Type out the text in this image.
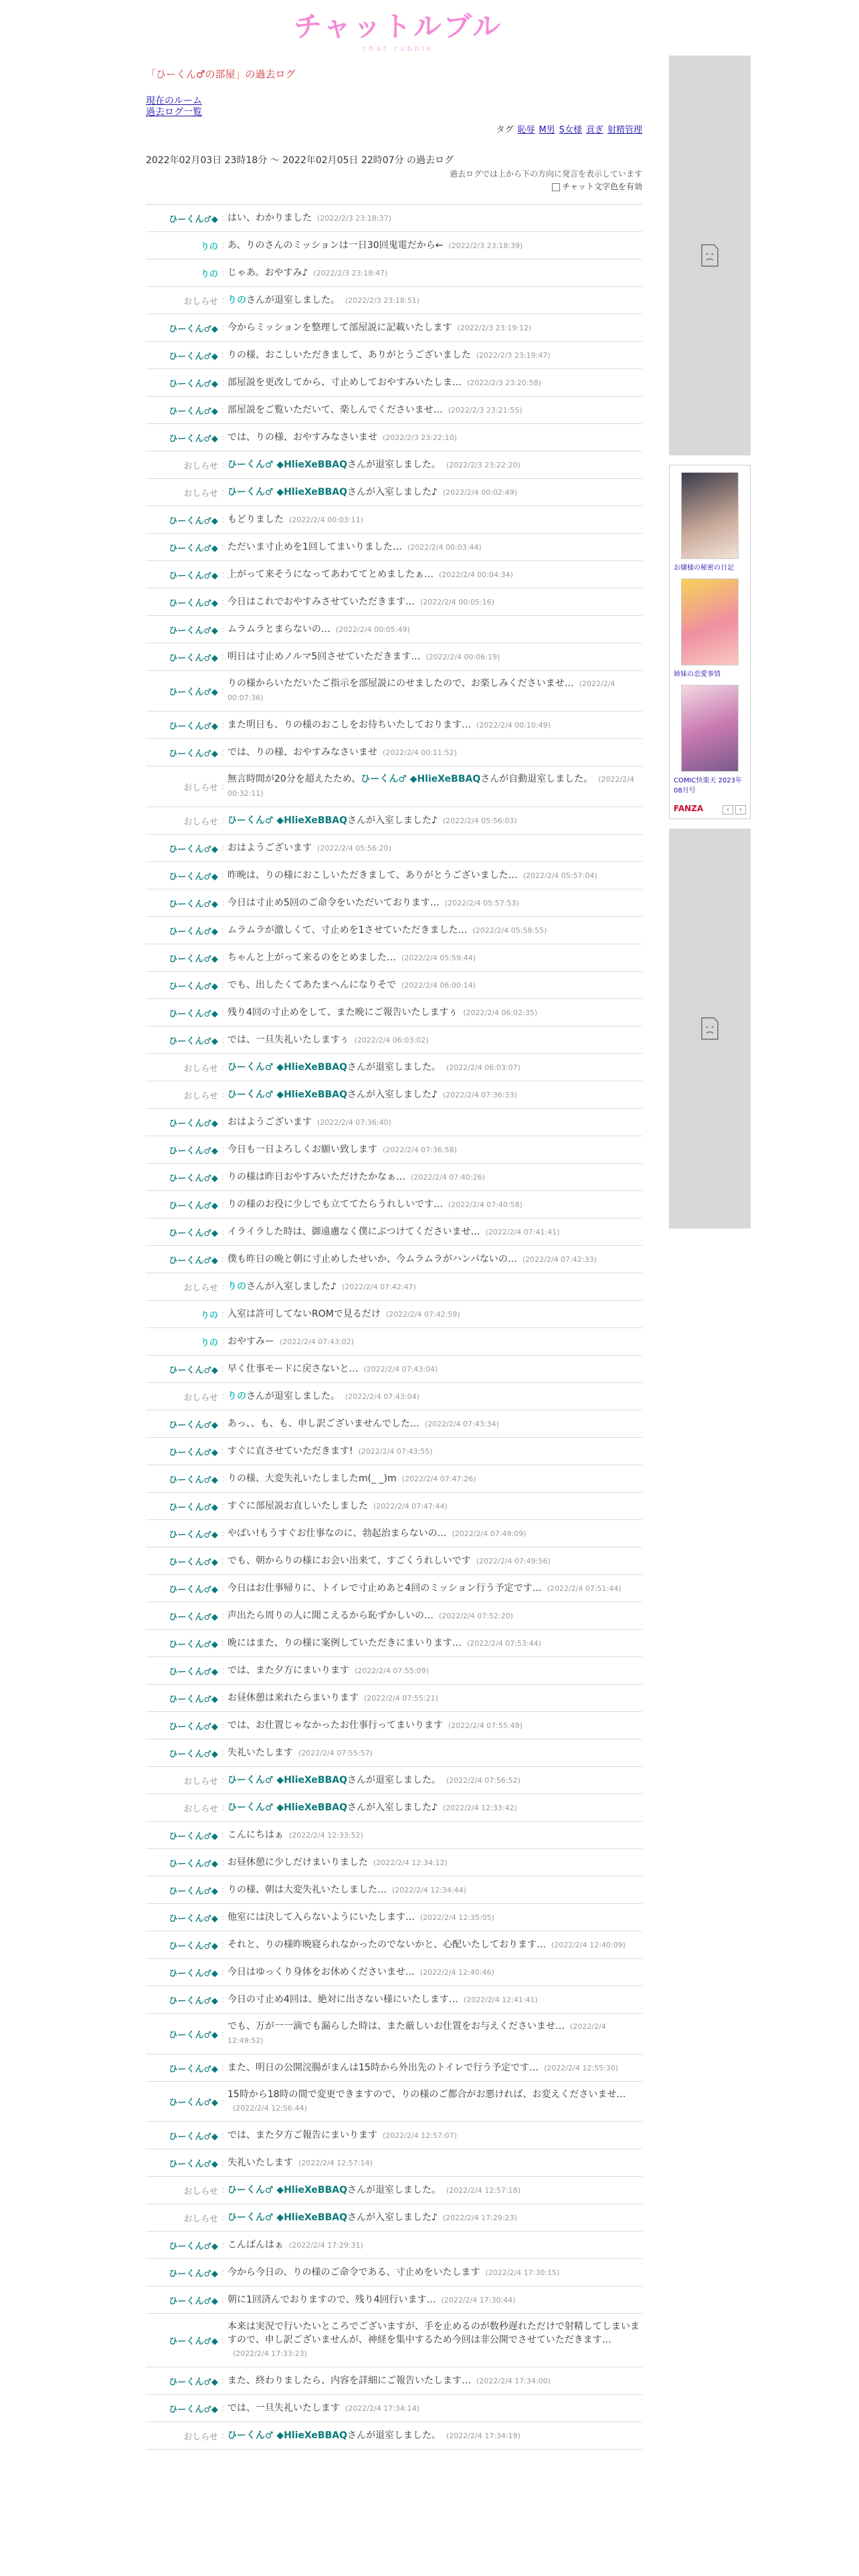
チャットルブル
chat rubble
「ひーくん♂の部屋」の過去ログ
現在のルーム
過去ログ一覧
タグ 恥辱 M男 S女様 貢ぎ 射精管理
2022年02月03日 23時18分 〜 2022年02月05日 22時07分 の過去ログ
過去ログでは上から下の方向に発言を表示しています
チャット文字色を有効
ひーくん♂◆ : はい、わかりました (2022/2/3 23:18:37)
りの : あ、りのさんのミッションは一日30回鬼電だから← (2022/2/3 23:18:39)
りの : じゃあ。おやすみ♪ (2022/2/3 23:18:47)
おしらせ : りのさんが退室しました。 (2022/2/3 23:18:51)
ひーくん♂◆ : 今からミッションを整理して部屋説に記載いたします (2022/2/3 23:19:12)
ひーくん♂◆ : りの様、おこしいただきまして、ありがとうございました (2022/2/3 23:19:47)
ひーくん♂◆ : 部屋説を更改してから、寸止めしておやすみいたしま… (2022/2/3 23:20:58)
ひーくん♂◆ : 部屋説をご覧いただいて、楽しんでくださいませ… (2022/2/3 23:21:55)
ひーくん♂◆ : では、りの様、おやすみなさいませ (2022/2/3 23:22:10)
おしらせ : ひーくん♂ ◆HlieXeBBAQさんが退室しました。 (2022/2/3 23:22:20)
おしらせ : ひーくん♂ ◆HlieXeBBAQさんが入室しました♪ (2022/2/4 00:02:49)
ひーくん♂◆ : もどりました (2022/2/4 00:03:11)
ひーくん♂◆ : ただいま寸止めを1回してまいりました… (2022/2/4 00:03:44)
ひーくん♂◆ : 上がって来そうになってあわててとめましたぁ… (2022/2/4 00:04:34)
ひーくん♂◆ : 今日はこれでおやすみさせていただきます… (2022/2/4 00:05:16)
ひーくん♂◆ : ムラムラとまらないの… (2022/2/4 00:05:49)
ひーくん♂◆ : 明日は寸止めノルマ5回させていただきます… (2022/2/4 00:06:19)
ひーくん♂◆ :
りの様からいただいたご指示を部屋説にのせましたので、お楽しみくださいませ… (2022/2/4 00:07:36)
ひーくん♂◆ : また明日も、りの様のおこしをお待ちいたしております… (2022/2/4 00:10:49)
ひーくん♂◆ : では、りの様、おやすみなさいませ (2022/2/4 00:11:52)
おしらせ :
無言時間が20分を超えたため、ひーくん♂ ◆HlieXeBBAQさんが自動退室しました。 (2022/2/4 00:32:11)
おしらせ : ひーくん♂ ◆HlieXeBBAQさんが入室しました♪ (2022/2/4 05:56:03)
ひーくん♂◆ : おはようございます (2022/2/4 05:56:20)
ひーくん♂◆ : 昨晩は、りの様におこしいただきまして、ありがとうございました… (2022/2/4 05:57:04)
ひーくん♂◆ : 今日は寸止め5回のご命令をいただいております… (2022/2/4 05:57:53)
ひーくん♂◆ : ムラムラが激しくて、寸止めを1させていただきました… (2022/2/4 05:58:55)
ひーくん♂◆ : ちゃんと上がって来るのをとめました… (2022/2/4 05:59:44)
ひーくん♂◆ : でも、出したくてあたまへんになりそで (2022/2/4 06:00:14)
ひーくん♂◆ : 残り4回の寸止めをして、また晩にご報告いたしますぅ (2022/2/4 06:02:35)
ひーくん♂◆ : では、一旦失礼いたしますぅ (2022/2/4 06:03:02)
おしらせ : ひーくん♂ ◆HlieXeBBAQさんが退室しました。 (2022/2/4 06:03:07)
おしらせ : ひーくん♂ ◆HlieXeBBAQさんが入室しました♪ (2022/2/4 07:36:33)
ひーくん♂◆ : おはようございます (2022/2/4 07:36:40)
ひーくん♂◆ : 今日も一日よろしくお願い致します (2022/2/4 07:36:58)
ひーくん♂◆ : りの様は昨日おやすみいただけたかなぁ… (2022/2/4 07:40:26)
ひーくん♂◆ : りの様のお役に少しでも立ててたらうれしいです… (2022/2/4 07:40:58)
ひーくん♂◆ : イライラした時は、御遠慮なく僕にぶつけてくださいませ… (2022/2/4 07:41:41)
ひーくん♂◆ : 僕も昨日の晩と朝に寸止めしたせいか、今ムラムラがハンパないの… (2022/2/4 07:42:33)
おしらせ : りのさんが入室しました♪ (2022/2/4 07:42:47)
りの : 入室は許可してないROMで見るだけ (2022/2/4 07:42:59)
りの : おやすみー (2022/2/4 07:43:02)
ひーくん♂◆ : 早く仕事モードに戻さないと… (2022/2/4 07:43:04)
おしらせ : りのさんが退室しました。 (2022/2/4 07:43:04)
ひーくん♂◆ : あっ、、も、も、申し訳ございませんでした… (2022/2/4 07:43:34)
ひーくん♂◆ : すぐに直させていただきます! (2022/2/4 07:43:55)
ひーくん♂◆ : りの様、大変失礼いたしましたm(_ _)m (2022/2/4 07:47:26)
ひーくん♂◆ : すぐに部屋説お直しいたしました (2022/2/4 07:47:44)
ひーくん♂◆ : やばい!もうすぐお仕事なのに、勃起治まらないの… (2022/2/4 07:49:09)
ひーくん♂◆ : でも、朝からりの様にお会い出来て、すごくうれしいです (2022/2/4 07:49:56)
ひーくん♂◆ : 今日はお仕事帰りに、トイレで寸止めあと4回のミッション行う予定です… (2022/2/4 07:51:44)
ひーくん♂◆ : 声出たら周りの人に聞こえるから恥ずかしいの… (2022/2/4 07:52:20)
ひーくん♂◆ : 晩にはまた、りの様に案例していただきにまいります… (2022/2/4 07:53:44)
ひーくん♂◆ : では、また夕方にまいります (2022/2/4 07:55:09)
ひーくん♂◆ : お昼休憩は来れたらまいります (2022/2/4 07:55:21)
ひーくん♂◆ : では、お仕置じゃなかったお仕事行ってまいります (2022/2/4 07:55:49)
ひーくん♂◆ : 失礼いたします (2022/2/4 07:55:57)
おしらせ : ひーくん♂ ◆HlieXeBBAQさんが退室しました。 (2022/2/4 07:56:52)
おしらせ : ひーくん♂ ◆HlieXeBBAQさんが入室しました♪ (2022/2/4 12:33:42)
ひーくん♂◆ : こんにちはぁ (2022/2/4 12:33:52)
ひーくん♂◆ : お昼休憩に少しだけまいりました (2022/2/4 12:34:12)
ひーくん♂◆ : りの様、朝は大変失礼いたしました… (2022/2/4 12:34:44)
ひーくん♂◆ : 他室には決して入らないようにいたします… (2022/2/4 12:35:05)
ひーくん♂◆ : それと、りの様昨晩寝られなかったのでないかと、心配いたしております… (2022/2/4 12:40:09)
ひーくん♂◆ : 今日はゆっくり身体をお休めくださいませ… (2022/2/4 12:40:46)
ひーくん♂◆ : 今日の寸止め4回は、絶対に出さない様にいたします… (2022/2/4 12:41:41)
ひーくん♂◆ :
でも、万が一一滴でも漏らした時は、また厳しいお仕置をお与えくださいませ… (2022/2/4 12:49:52)
ひーくん♂◆ : また、明日の公開浣腸がまんは15時から外出先のトイレで行う予定です… (2022/2/4 12:55:30)
ひーくん♂◆ :
15時から18時の間で変更できますので、りの様のご都合がお悪ければ、お変えくださいませ…(2022/2/4 12:56:44)
ひーくん♂◆ : では、また夕方ご報告にまいります (2022/2/4 12:57:07)
ひーくん♂◆ : 失礼いたします (2022/2/4 12:57:14)
おしらせ : ひーくん♂ ◆HlieXeBBAQさんが退室しました。 (2022/2/4 12:57:18)
おしらせ : ひーくん♂ ◆HlieXeBBAQさんが入室しました♪ (2022/2/4 17:29:23)
ひーくん♂◆ : こんばんはぁ (2022/2/4 17:29:31)
ひーくん♂◆ : 今から今日の、りの様のご命令である、寸止めをいたします (2022/2/4 17:30:15)
ひーくん♂◆ : 朝に1回済んでおりますので、残り4回行います… (2022/2/4 17:30:44)
ひーくん♂◆ :
本来は実況で行いたいところでございますが、手を止めるのが数秒遅れただけで射精してしまいますので、申し訳ございませんが、神経を集中するため今回は非公開でさせていただきます…(2022/2/4 17:33:23)
ひーくん♂◆ : また、終わりましたら、内容を詳細にご報告いたします… (2022/2/4 17:34:00)
ひーくん♂◆ : では、一旦失礼いたします (2022/2/4 17:34:14)
おしらせ : ひーくん♂ ◆HlieXeBBAQさんが退室しました。 (2022/2/4 17:34:19)
お嬢様の秘密の日記
姉妹の恋愛事情
COMIC快楽天 2023年08月号
FANZA	‹ ›
